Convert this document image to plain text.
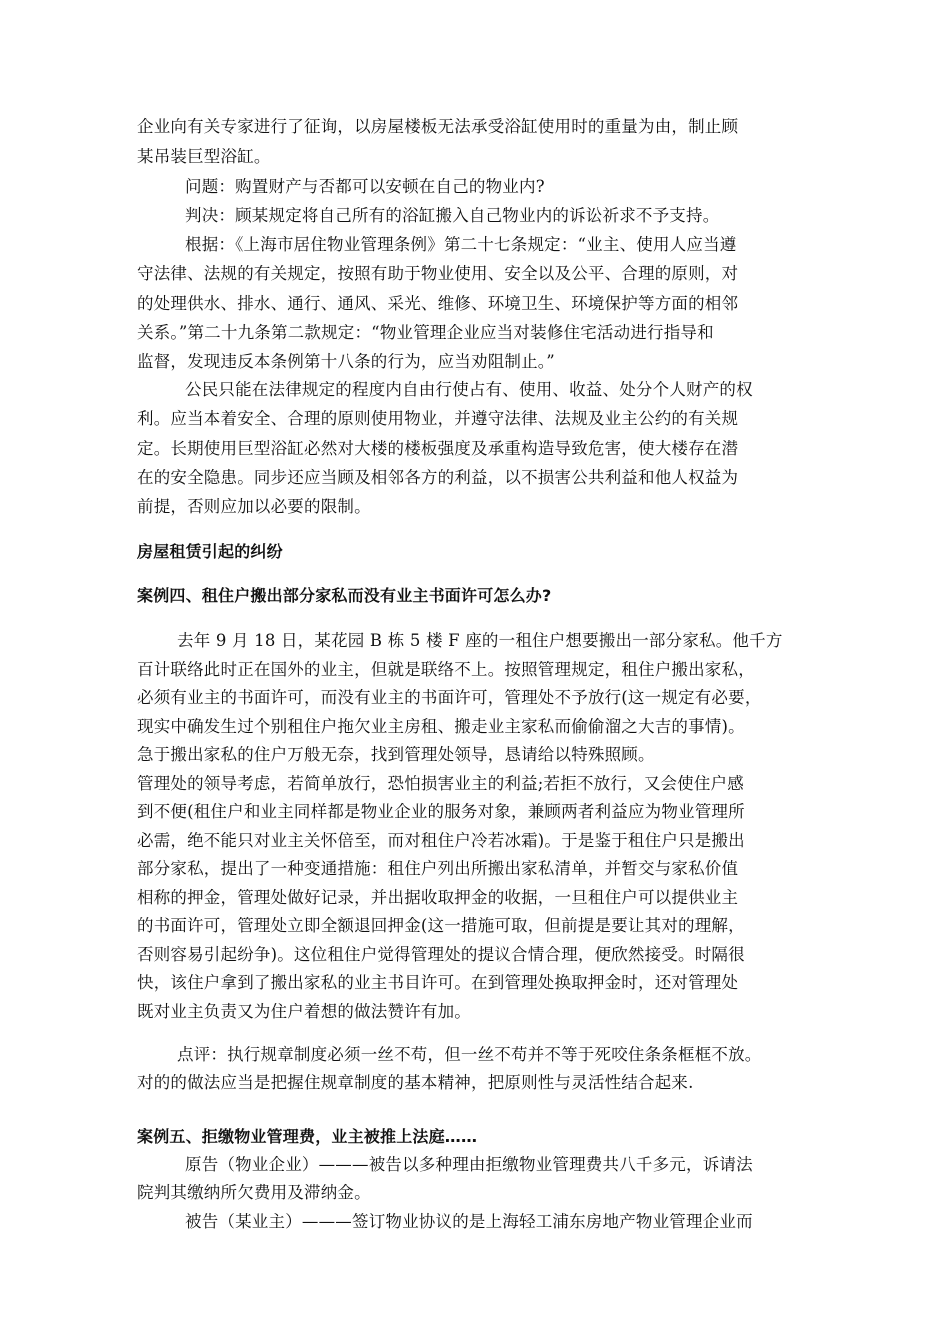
企业向有关专家进行了征询，以房屋楼板无法承受浴缸使用时的重量为由，制止顾
某吊装巨型浴缸。
问题：购置财产与否都可以安顿在自己的物业内?
判决：顾某规定将自己所有的浴缸搬入自己物业内的诉讼祈求不予支持。
根据：《上海市居住物业管理条例》第二十七条规定：“业主、使用人应当遵
守法律、法规的有关规定，按照有助于物业使用、安全以及公平、合理的原则，对
的处理供水、排水、通行、通风、采光、维修、环境卫生、环境保护等方面的相邻
关系。”第二十九条第二款规定：“物业管理企业应当对装修住宅活动进行指导和
监督，发现违反本条例第十八条的行为，应当劝阻制止。”
公民只能在法律规定的程度内自由行使占有、使用、收益、处分个人财产的权
利。应当本着安全、合理的原则使用物业，并遵守法律、法规及业主公约的有关规
定。长期使用巨型浴缸必然对大楼的楼板强度及承重构造导致危害，使大楼存在潜
在的安全隐患。同步还应当顾及相邻各方的利益，以不损害公共利益和他人权益为
前提，否则应加以必要的限制。
房屋租赁引起的纠纷
案例四、租住户搬出部分家私而没有业主书面许可怎么办?
去年 9 月 18 日，某花园 B 栋 5 楼 F 座的一租住户想要搬出一部分家私。他千方
百计联络此时正在国外的业主，但就是联络不上。按照管理规定，租住户搬出家私，
必须有业主的书面许可，而没有业主的书面许可，管理处不予放行(这一规定有必要，
现实中确发生过个别租住户拖欠业主房租、搬走业主家私而偷偷溜之大吉的事情)。
急于搬出家私的住户万般无奈，找到管理处领导，恳请给以特殊照顾。
管理处的领导考虑，若简单放行，恐怕损害业主的利益;若拒不放行，又会使住户感
到不便(租住户和业主同样都是物业企业的服务对象，兼顾两者利益应为物业管理所
必需，绝不能只对业主关怀倍至，而对租住户冷若冰霜)。于是鉴于租住户只是搬出
部分家私，提出了一种变通措施：租住户列出所搬出家私清单，并暂交与家私价值
相称的押金，管理处做好记录，并出据收取押金的收据，一旦租住户可以提供业主
的书面许可，管理处立即全额退回押金(这一措施可取，但前提是要让其对的理解，
否则容易引起纷争)。这位租住户觉得管理处的提议合情合理，便欣然接受。时隔很
快，该住户拿到了搬出家私的业主书目许可。在到管理处换取押金时，还对管理处
既对业主负责又为住户着想的做法赞许有加。
点评：执行规章制度必须一丝不苟，但一丝不苟并不等于死咬住条条框框不放。
对的的做法应当是把握住规章制度的基本精神，把原则性与灵活性结合起来.
案例五、拒缴物业管理费，业主被推上法庭……
原告（物业企业）———被告以多种理由拒缴物业管理费共八千多元，诉请法
院判其缴纳所欠费用及滞纳金。
被告（某业主）———签订物业协议的是上海轻工浦东房地产物业管理企业而
